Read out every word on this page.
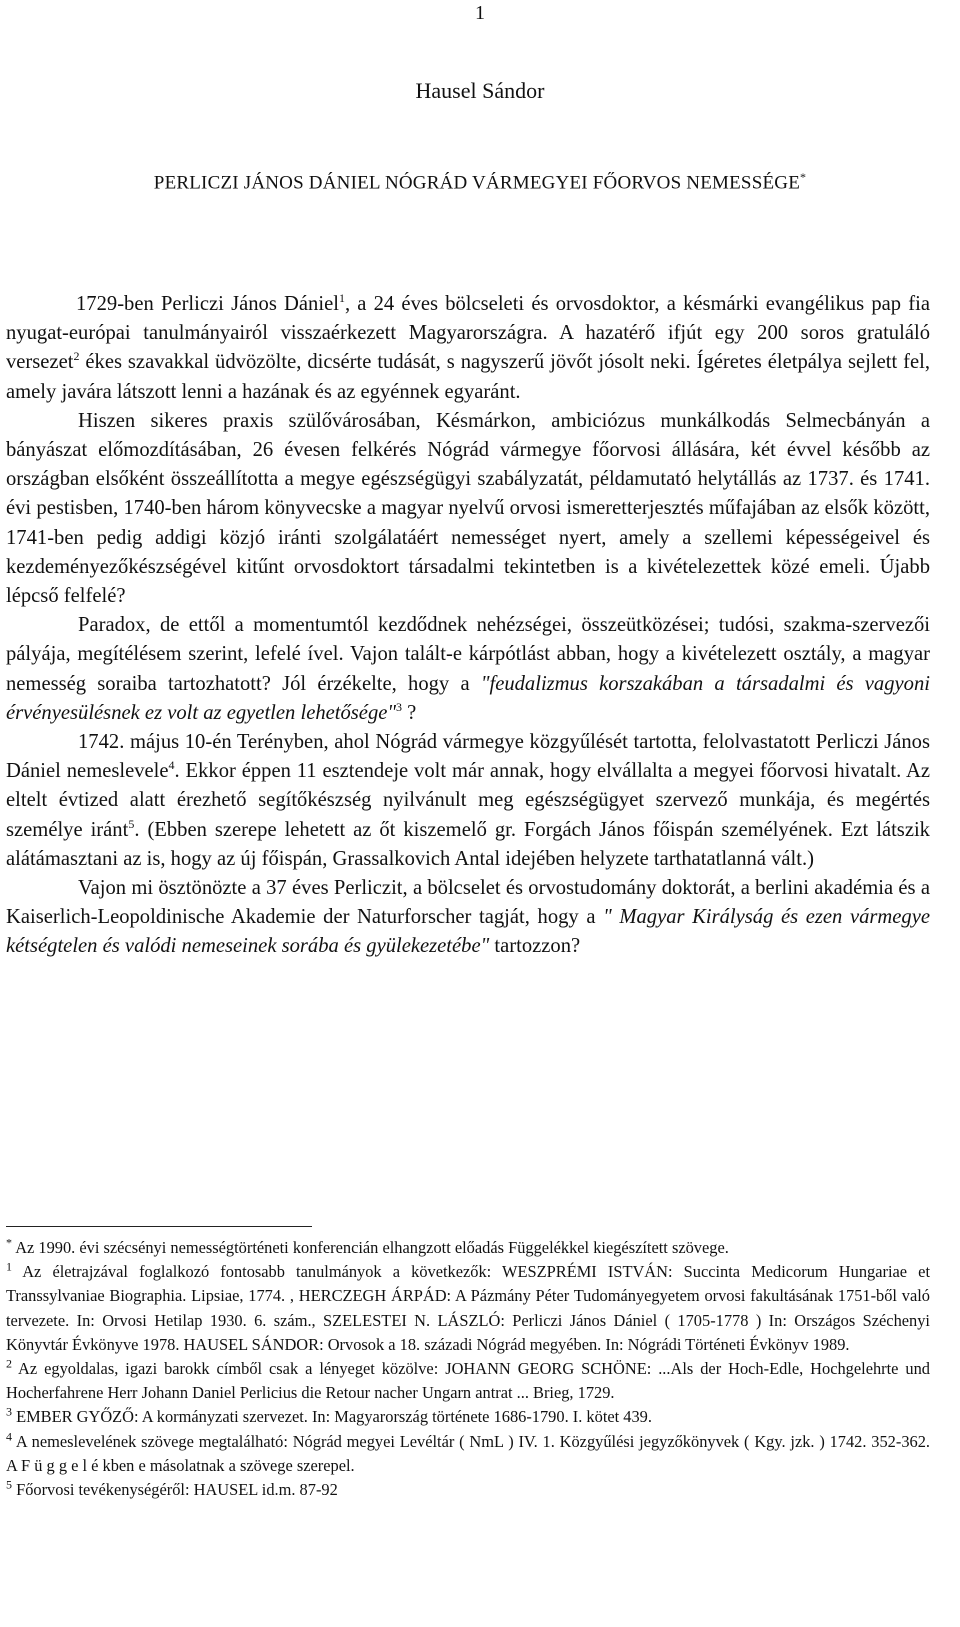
1
Hausel Sándor
PERLICZI JÁNOS DÁNIEL NÓGRÁD VÁRMEGYEI FŐORVOS NEMESSÉGE*

1729-ben Perliczi János Dániel$^1$, a 24 éves bölcseleti és orvosdoktor, a késmárki evangélikus pap fia nyugat-európai tanulmányairól visszaérkezett Magyarországra. A hazatérő ifjút egy 200 soros gratuláló versezet$^2$ ékes szavakkal üdvözölte, dicsérte tudását, s nagyszerű jövőt jósolt neki. Ígéretes életpálya sejlett fel, amely javára látszott lenni a hazának és az egyénnek egyaránt.

Hiszen sikeres praxis szülővárosában, Késmárkon, ambiciózus munkálkodás Selmecbányán a bányászat előmozdításában, 26 évesen felkérés Nógrád vármegye főorvosi állására, két évvel később az országban elsőként összeállította a megye egészségügyi szabályzatát, példamutató helytállás az 1737. és 1741. évi pestisben, 1740-ben három könyvecske a magyar nyelvű orvosi ismeretterjesztés műfajában az elsők között, 1741-ben pedig addigi közjó iránti szolgálatáért nemességet nyert, amely a szellemi képességeivel és kezdeményezőkészségével kitűnt orvosdoktort társadalmi tekintetben is a kivételezettek közé emeli. Újabb lépcső felfelé?

Paradox, de ettől a momentumtól kezdődnek nehézségei, összeütközései; tudósi, szakma-szervezői pályája, megítélésem szerint, lefelé ível. Vajon talált-e kárpótlást abban, hogy a kivételezett osztály, a magyar nemesség soraiba tartozhatott? Jól érzékelte, hogy a "feudalizmus korszakában a társadalmi és vagyoni érvényesülésnek ez volt az egyetlen lehetősége"$^3$ ?

1742. május 10-én Terényben, ahol Nógrád vármegye közgyűlését tartotta, felolvastatott Perliczi János Dániel nemeslevele$^4$. Ekkor éppen 11 esztendeje volt már annak, hogy elvállalta a megyei főorvosi hivatalt. Az eltelt évtized alatt érezhető segítőkészség nyilvánult meg egészségügyet szervező munkája, és megértés személye iránt$^5$. (Ebben szerepe lehetett az őt kiszemelő gr. Forgách János főispán személyének. Ezt látszik alátámasztani az is, hogy az új főispán, Grassalkovich Antal idejében helyzete tarthatatlanná vált.)

Vajon mi ösztönözte a 37 éves Perliczit, a bölcselet és orvostudomány doktorát, a berlini akadémia és a Kaiserlich-Leopoldinische Akademie der Naturforscher tagját, hogy a " Magyar Királyság és ezen vármegye kétségtelen és valódi nemeseinek sorába és gyülekezetébe" tartozzon?

* Az 1990. évi szécsényi nemességtörténeti konferencián elhangzott előadás Függelékkel kiegészített szövege.

$^1$ Az életrajzával foglalkozó fontosabb tanulmányok a következők: WESZPRÉMI ISTVÁN: Succinta Medicorum Hungariae et Transsylvaniae Biographia. Lipsiae, 1774. , HERCZEGH ÁRPÁD: A Pázmány Péter Tudományegyetem orvosi fakultásának 1751-ből való tervezete. In: Orvosi Hetilap 1930. 6. szám., SZELESTEI N. LÁSZLÓ: Perliczi János Dániel ( 1705-1778 ) In: Országos Széchenyi Könyvtár Évkönyve 1978. HAUSEL SÁNDOR: Orvosok a 18. századi Nógrád megyében. In: Nógrádi Történeti Évkönyv 1989.

$^2$ Az egyoldalas, igazi barokk címből csak a lényeget közölve: JOHANN GEORG SCHÖNE: ...Als der Hoch-Edle, Hochgelehrte und Hocherfahrene Herr Johann Daniel Perlicius die Retour nacher Ungarn antrat ... Brieg, 1729.

$^3$ EMBER GYŐZŐ: A kormányzati szervezet. In: Magyarország története 1686-1790. I. kötet 439.

$^4$ A nemeslevelének szövege megtalálható: Nógrád megyei Levéltár ( NmL ) IV. 1. Közgyűlési jegyzőkönyvek ( Kgy. jzk. ) 1742. 352-362. A F ü g g e l é kben e másolatnak a szövege szerepel.

$^5$ Főorvosi tevékenységéről: HAUSEL id.m. 87-92
